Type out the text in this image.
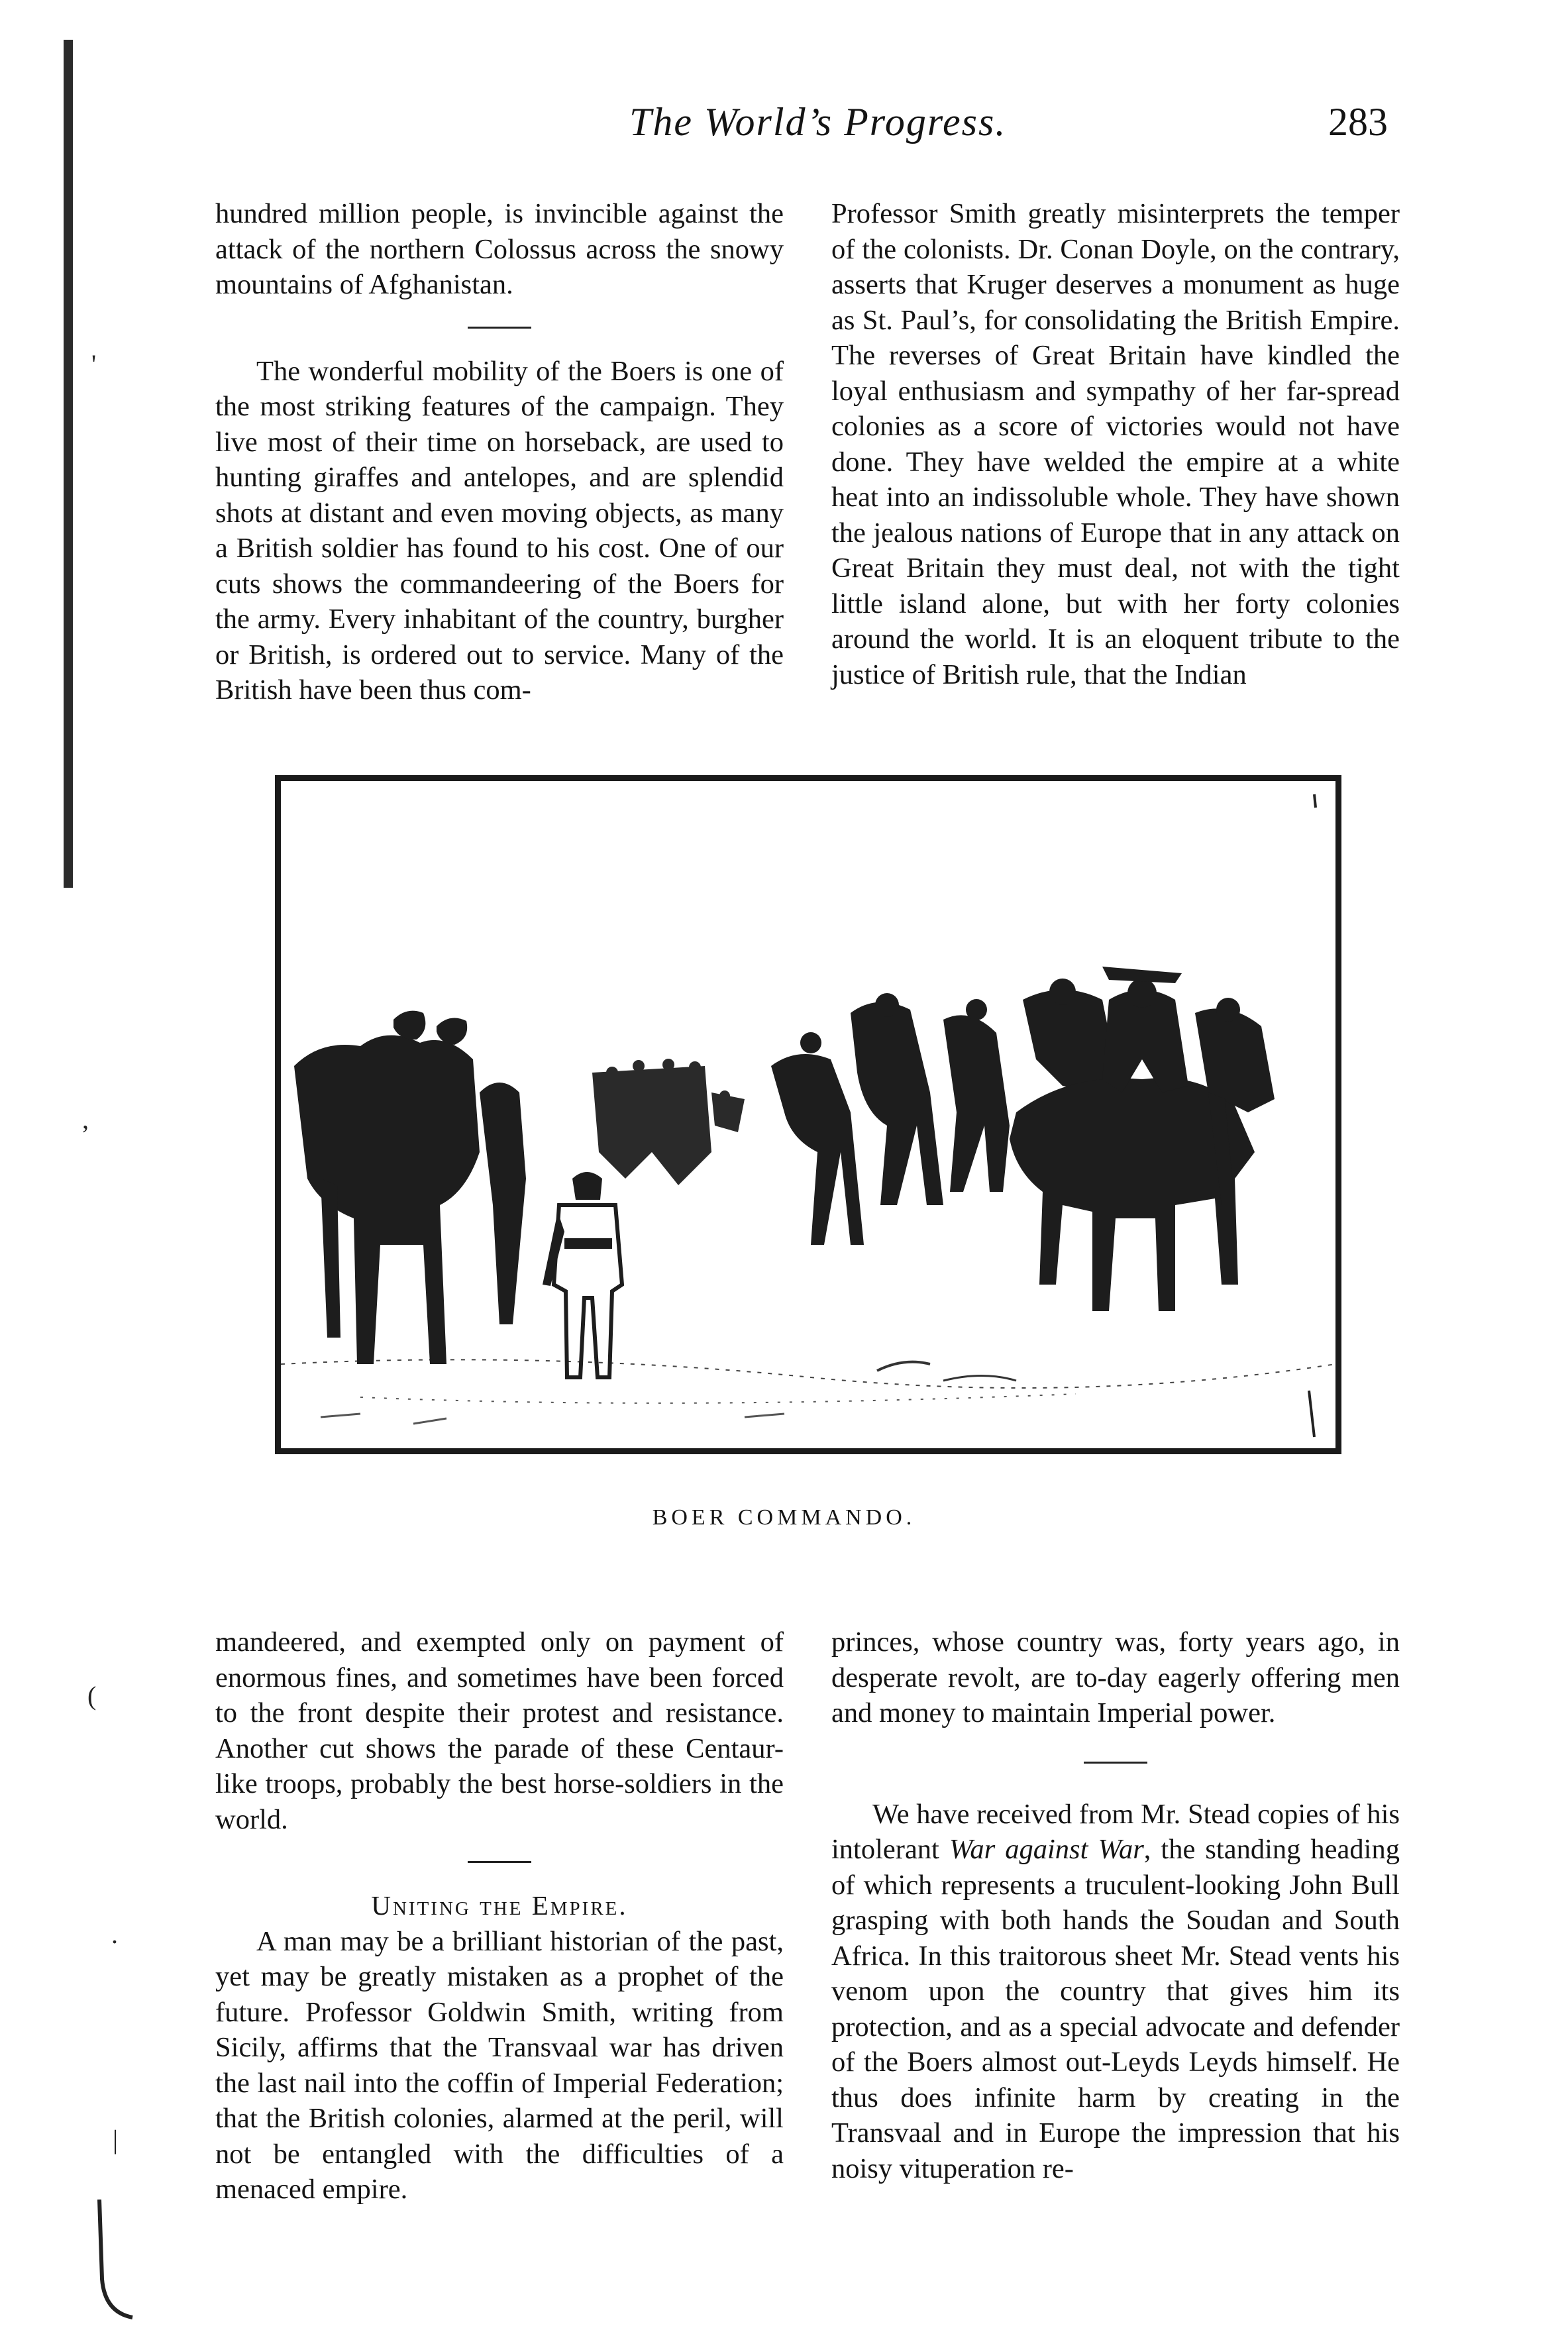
'
,
(
.
|
The World’s Progress.	283

hundred million people, is invincible against the attack of the northern Colossus across the snowy mountains of Afghanistan.

The wonderful mobility of the Boers is one of the most striking features of the campaign. They live most of their time on horseback, are used to hunting giraffes and antelopes, and are splendid shots at distant and even moving objects, as many a British soldier has found to his cost. One of our cuts shows the commandeering of the Boers for the army. Every inhabitant of the country, burgher or British, is ordered out to service. Many of the British have been thus com-

Professor Smith greatly misinterprets the temper of the colonists. Dr. Conan Doyle, on the contrary, asserts that Kruger deserves a monument as huge as St. Paul’s, for consolidating the British Empire. The reverses of Great Britain have kindled the loyal enthusiasm and sympathy of her far-spread colonies as a score of victories would not have done. They have welded the empire at a white heat into an indissoluble whole. They have shown the jealous nations of Europe that in any attack on Great Britain they must deal, not with the tight little island alone, but with her forty colonies around the world. It is an eloquent tribute to the justice of British rule, that the Indian

BOER COMMANDO.

mandeered, and exempted only on payment of enormous fines, and sometimes have been forced to the front despite their protest and resistance. Another cut shows the parade of these Centaur-like troops, probably the best horse-soldiers in the world.

Uniting the Empire.

A man may be a brilliant historian of the past, yet may be greatly mistaken as a prophet of the future. Professor Goldwin Smith, writing from Sicily, affirms that the Transvaal war has driven the last nail into the coffin of Imperial Federation; that the British colonies, alarmed at the peril, will not be entangled with the difficulties of a menaced empire.

princes, whose country was, forty years ago, in desperate revolt, are to-day eagerly offering men and money to maintain Imperial power.

We have received from Mr. Stead copies of his intolerant War against War, the standing heading of which represents a truculent-looking John Bull grasping with both hands the Soudan and South Africa. In this traitorous sheet Mr. Stead vents his venom upon the country that gives him its protection, and as a special advocate and defender of the Boers almost out-Leyds Leyds himself. He thus does infinite harm by creating in the Transvaal and in Europe the impression that his noisy vituperation re-
